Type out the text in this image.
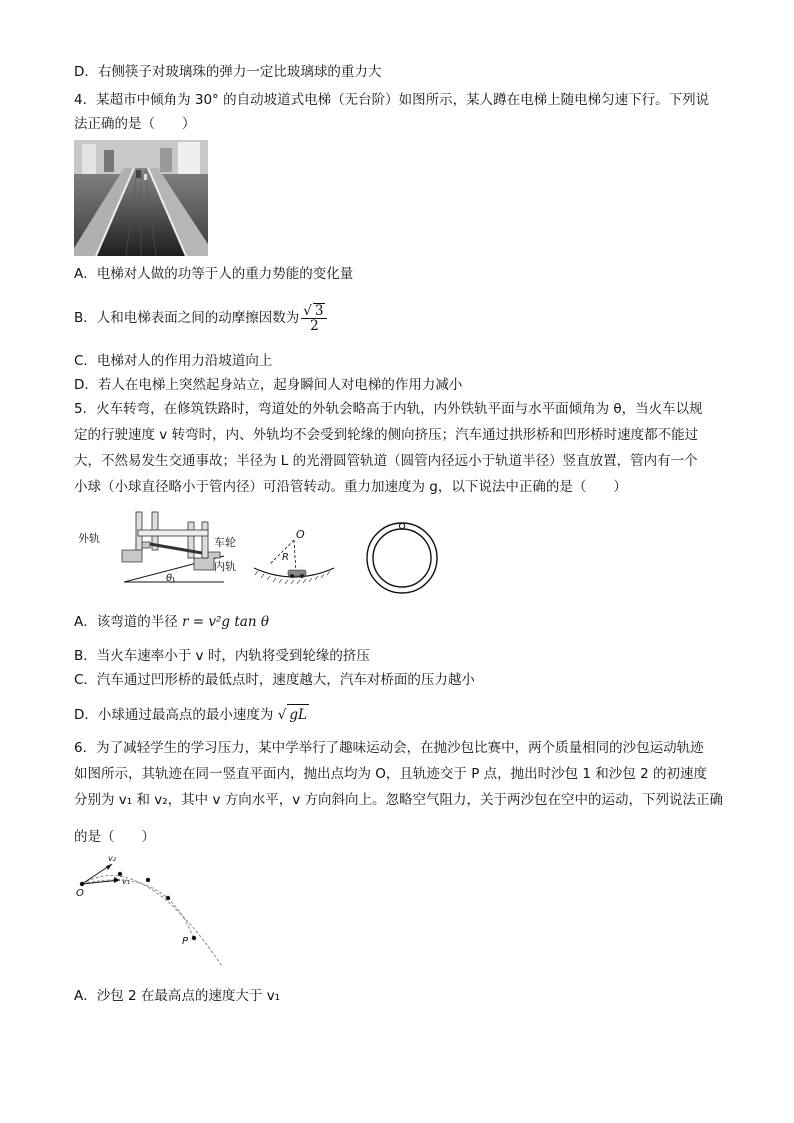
D．右侧筷子对玻璃珠的弹力一定比玻璃球的重力大
4．某超市中倾角为 30° 的自动坡道式电梯（无台阶）如图所示，某人蹲在电梯上随电梯匀速下行。下列说
法正确的是（　　）
A．电梯对人做的功等于人的重力势能的变化量
B．人和电梯表面之间的动摩擦因数为 $\frac{√ 3}{2}$
C．电梯对人的作用力沿坡道向上
D．若人在电梯上突然起身站立，起身瞬间人对电梯的作用力减小
5．火车转弯，在修筑铁路时，弯道处的外轨会略高于内轨，内外铁轨平面与水平面倾角为 θ，当火车以规
定的行驶速度 v 转弯时，内、外轨均不会受到轮缘的侧向挤压；汽车通过拱形桥和凹形桥时速度都不能过
大，不然易发生交通事故；半径为 L 的光滑圆管轨道（圆管内径远小于轨道半径）竖直放置，管内有一个
小球（小球直径略小于管内径）可沿管转动。重力加速度为 g，以下说法中正确的是（　　）
外轨	车轮
内轨
θ
O
R
A．该弯道的半径 r = v²g tan θ
B．当火车速率小于 v 时，内轨将受到轮缘的挤压
C．汽车通过凹形桥的最低点时，速度越大，汽车对桥面的压力越小
D．小球通过最高点的最小速度为 √ gL
6．为了减轻学生的学习压力，某中学举行了趣味运动会，在抛沙包比赛中，两个质量相同的沙包运动轨迹
如图所示，其轨迹在同一竖直平面内，抛出点均为 O，且轨迹交于 P 点，抛出时沙包 1 和沙包 2 的初速度
分别为 v₁ 和 v₂，其中 v 方向水平，v 方向斜向上。忽略空气阻力，关于两沙包在空中的运动，下列说法正确
的是（　　）
O
P
v₂
v₁
A．沙包 2 在最高点的速度大于 v₁
